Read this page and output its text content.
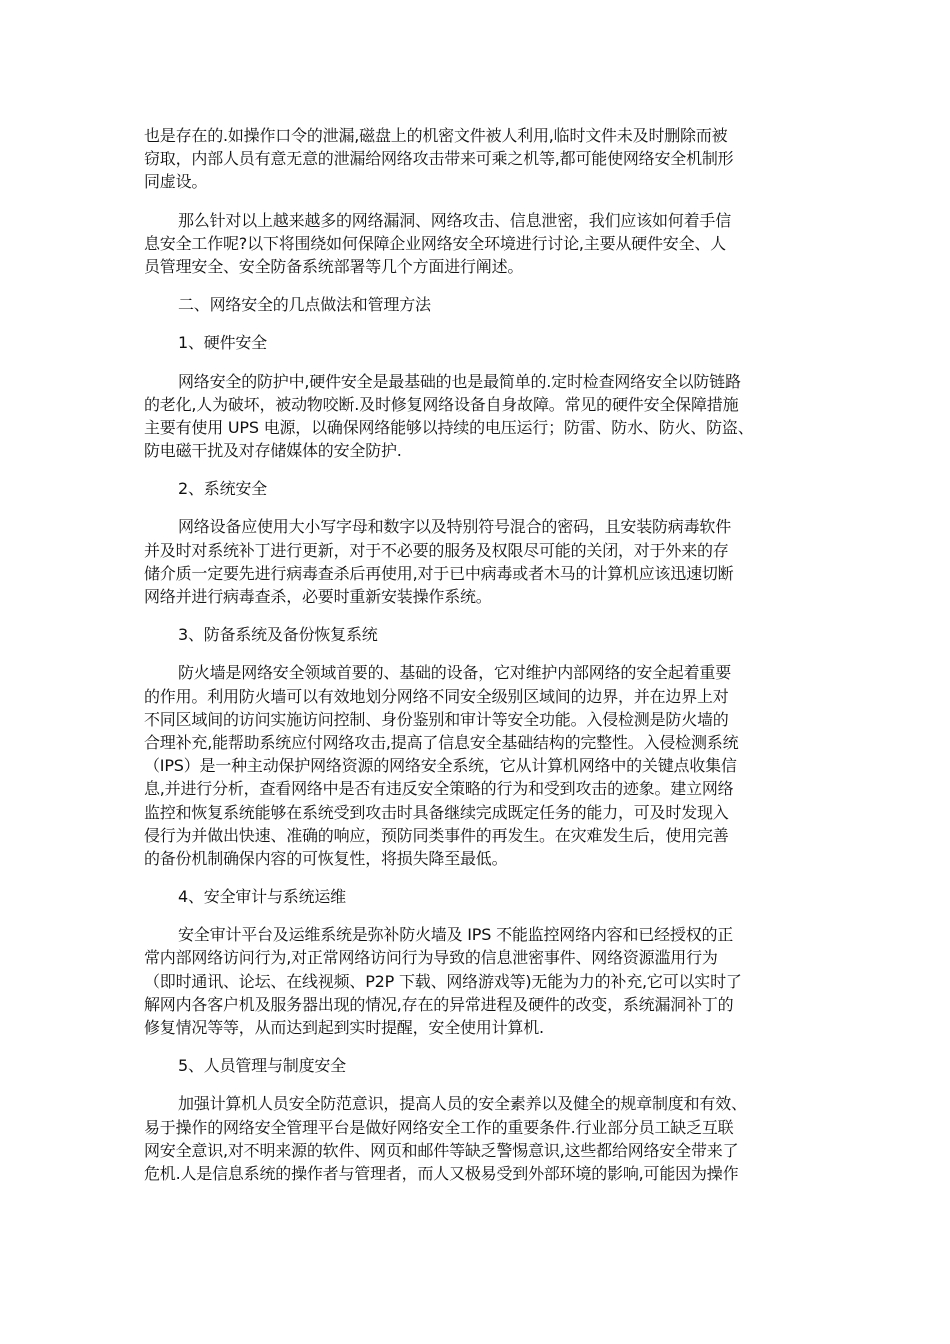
也是存在的.如操作口令的泄漏,磁盘上的机密文件被人利用,临时文件未及时删除而被
窃取，内部人员有意无意的泄漏给网络攻击带来可乘之机等,都可能使网络安全机制形
同虚设。
那么针对以上越来越多的网络漏洞、网络攻击、信息泄密，我们应该如何着手信
息安全工作呢?以下将围绕如何保障企业网络安全环境进行讨论,主要从硬件安全、人
员管理安全、安全防备系统部署等几个方面进行阐述。
二、网络安全的几点做法和管理方法
1、硬件安全
网络安全的防护中,硬件安全是最基础的也是最简单的.定时检查网络安全以防链路
的老化,人为破坏，被动物咬断.及时修复网络设备自身故障。常见的硬件安全保障措施
主要有使用 UPS 电源，以确保网络能够以持续的电压运行；防雷、防水、防火、防盗、
防电磁干扰及对存储媒体的安全防护.
2、系统安全
网络设备应使用大小写字母和数字以及特别符号混合的密码，且安装防病毒软件
并及时对系统补丁进行更新，对于不必要的服务及权限尽可能的关闭，对于外来的存
储介质一定要先进行病毒查杀后再使用,对于已中病毒或者木马的计算机应该迅速切断
网络并进行病毒查杀，必要时重新安装操作系统。
3、防备系统及备份恢复系统
防火墙是网络安全领域首要的、基础的设备，它对维护内部网络的安全起着重要
的作用。利用防火墙可以有效地划分网络不同安全级别区域间的边界，并在边界上对
不同区域间的访问实施访问控制、身份鉴别和审计等安全功能。入侵检测是防火墙的
合理补充,能帮助系统应付网络攻击,提高了信息安全基础结构的完整性。入侵检测系统
（IPS）是一种主动保护网络资源的网络安全系统，它从计算机网络中的关键点收集信
息,并进行分析，查看网络中是否有违反安全策略的行为和受到攻击的迹象。建立网络
监控和恢复系统能够在系统受到攻击时具备继续完成既定任务的能力，可及时发现入
侵行为并做出快速、准确的响应，预防同类事件的再发生。在灾难发生后，使用完善
的备份机制确保内容的可恢复性，将损失降至最低。
4、安全审计与系统运维
安全审计平台及运维系统是弥补防火墙及 IPS 不能监控网络内容和已经授权的正
常内部网络访问行为,对正常网络访问行为导致的信息泄密事件、网络资源滥用行为
（即时通讯、论坛、在线视频、P2P 下载、网络游戏等)无能为力的补充,它可以实时了
解网内各客户机及服务器出现的情况,存在的异常进程及硬件的改变，系统漏洞补丁的
修复情况等等，从而达到起到实时提醒，安全使用计算机.
5、人员管理与制度安全
加强计算机人员安全防范意识，提高人员的安全素养以及健全的规章制度和有效、
易于操作的网络安全管理平台是做好网络安全工作的重要条件.行业部分员工缺乏互联
网安全意识,对不明来源的软件、网页和邮件等缺乏警惕意识,这些都给网络安全带来了
危机.人是信息系统的操作者与管理者，而人又极易受到外部环境的影响,可能因为操作
